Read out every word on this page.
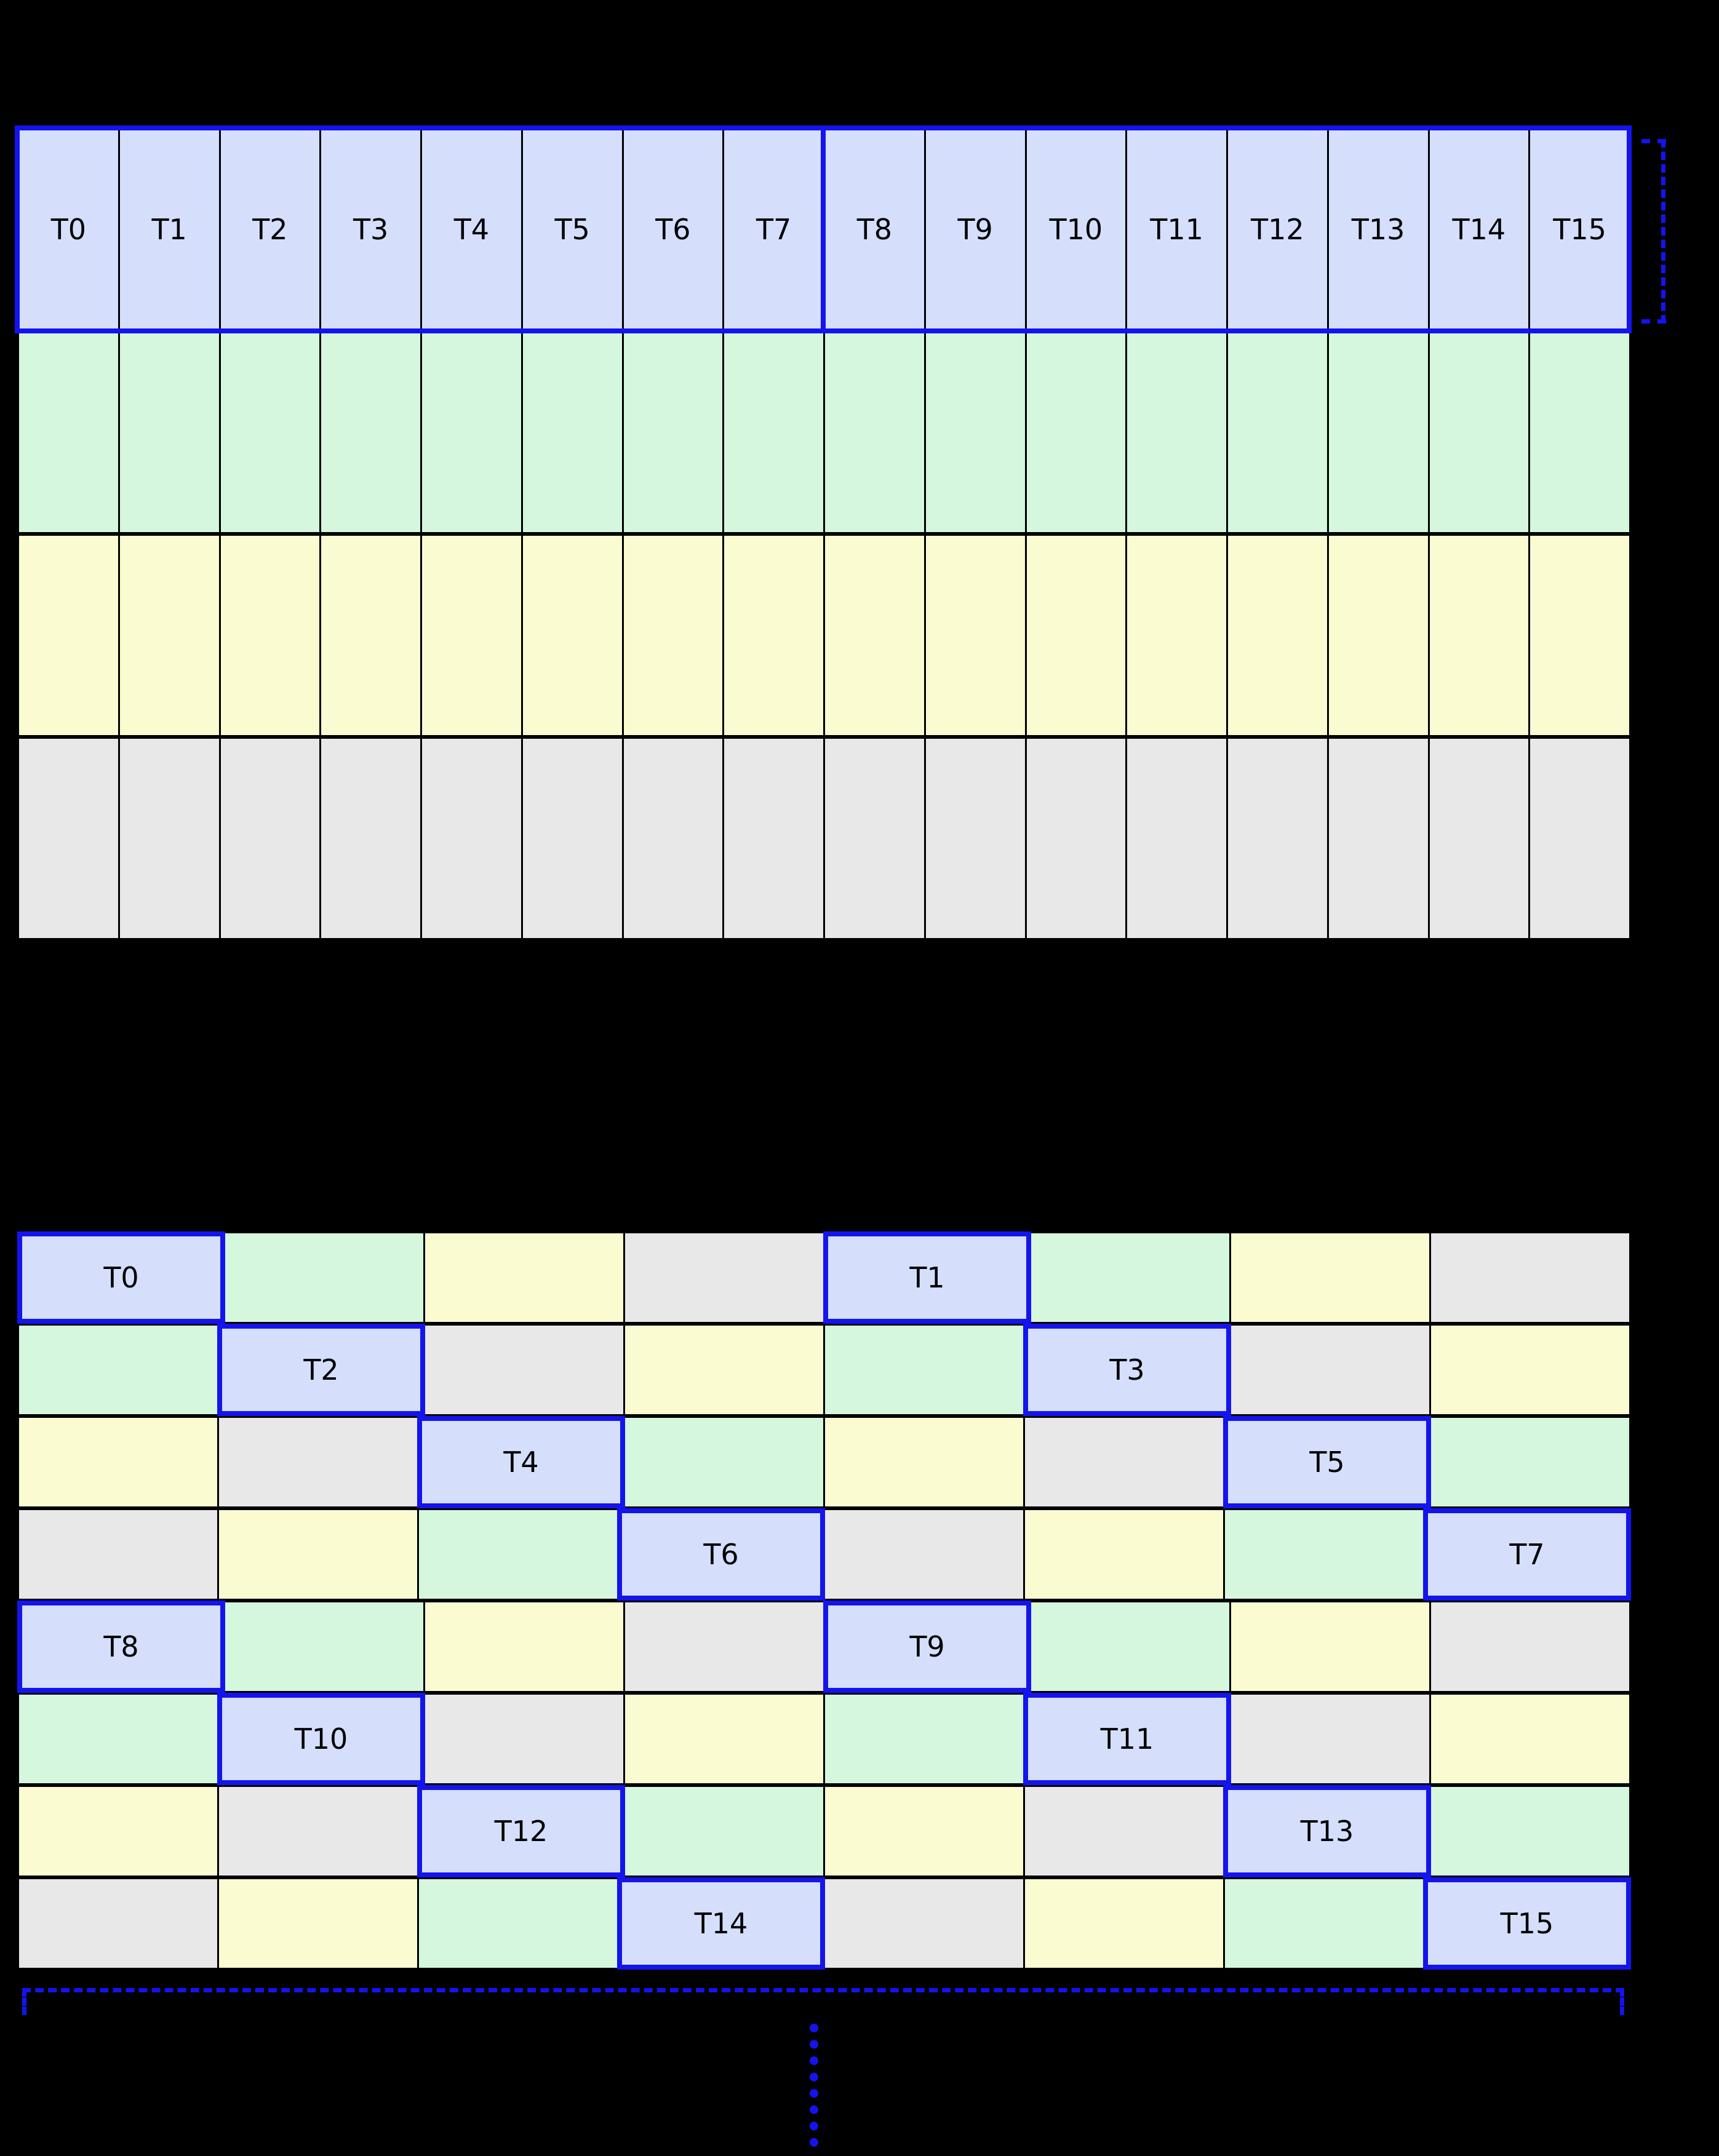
T0	T1	T2	T3	T4	T5	T6	T7	T8	T9	T10	T11	T12	T13	T14	T15
T0	T1
T2	T3
T4	T5
T6	T7
T8	T9
T10	T11
T12	T13
T14	T15
